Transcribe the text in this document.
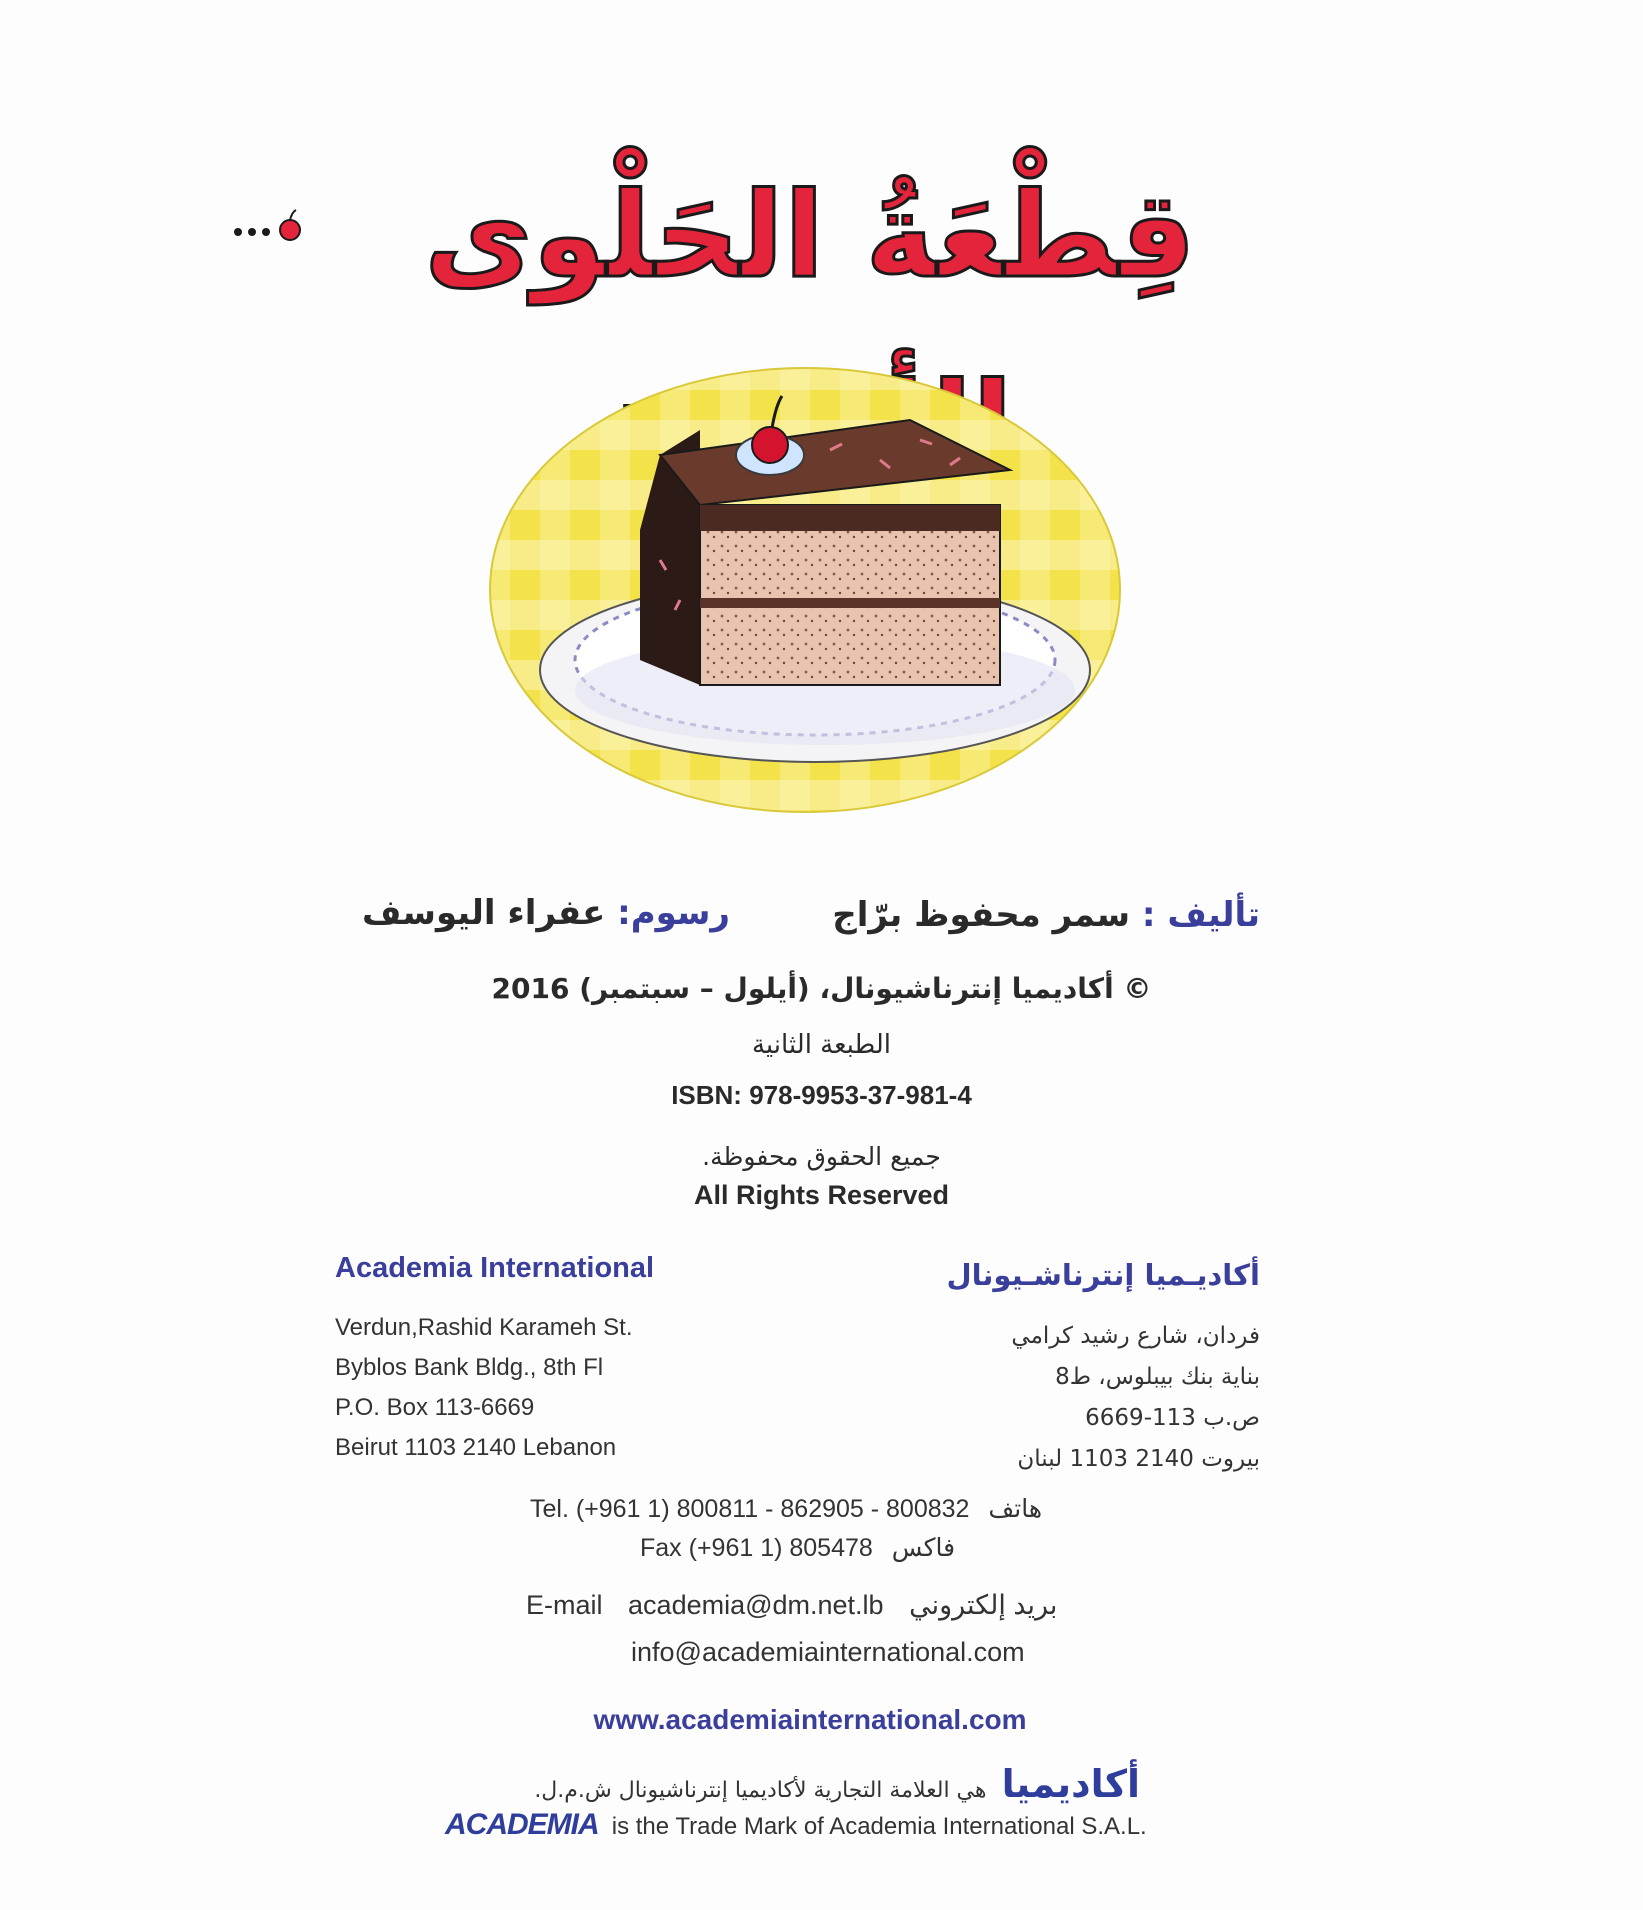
قِطْعَةُ الحَلْوى
تأليف : سمر محفوظ برّاج
رسوم: عفراء اليوسف
© أكاديميا إنترناشيونال، (أيلول – سبتمبر) 2016
الطبعة الثانية
ISBN: 978-9953-37-981-4
جميع الحقوق محفوظة.
All Rights Reserved
Academia International
Verdun,Rashid Karameh St.
Byblos Bank Bldg., 8th Fl
P.O. Box 113-6669
Beirut 1103 2140 Lebanon
أكاديـميا إنترناشـيونال
فردان، شارع رشيد كرامي
بناية بنك بيبلوس، ط8
ص.ب 113-6669
بيروت 2140 1103 لبنان
Tel. (+961 1) 800811 - 862905 - 800832 هاتف
Fax (+961 1) 805478 فاكس
E-mail academia@dm.net.lb بريد إلكتروني
info@academiainternational.com
www.academiainternational.com
أكاديميا هي العلامة التجارية لأكاديميا إنترناشيونال ش.م.ل.
ACADEMIA is the Trade Mark of Academia International S.A.L.
